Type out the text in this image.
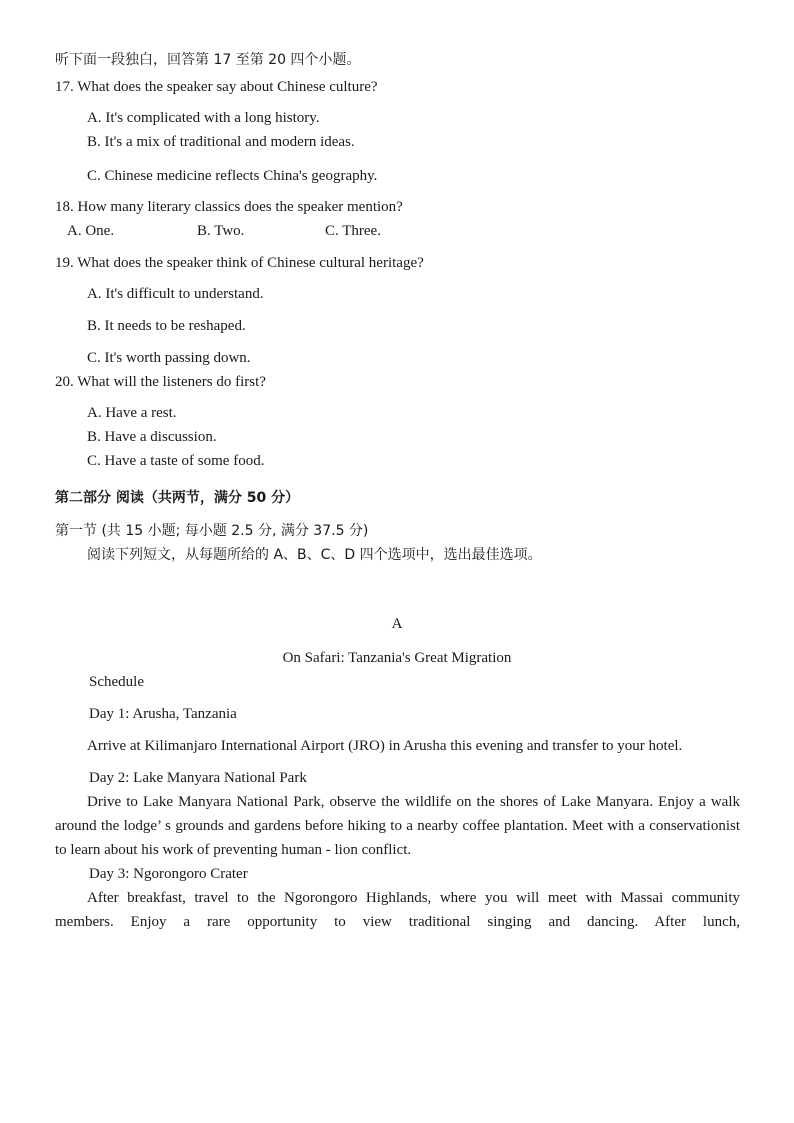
听下面一段独白，回答第 17 至第 20 四个小题。
17. What does the speaker say about Chinese culture?
A. It's complicated with a long history.
B. It's a mix of traditional and modern ideas.
C. Chinese medicine reflects China's geography.
18. How many literary classics does the speaker mention?
A. One.	B. Two.	C. Three.
19. What does the speaker think of Chinese cultural heritage?
A. It's difficult to understand.
B. It needs to be reshaped.
C. It's worth passing down.
20. What will the listeners do first?
A. Have a rest.
B. Have a discussion.
C. Have a taste of some food.
第二部分 阅读（共两节，满分 50 分）
第一节 (共 15 小题; 每小题 2.5 分, 满分 37.5 分)
阅读下列短文，从每题所给的 A、B、C、D 四个选项中，选出最佳选项。
A
On Safari: Tanzania's Great Migration
Schedule
Day 1: Arusha, Tanzania
Arrive at Kilimanjaro International Airport (JRO) in Arusha this evening and transfer to your hotel.
Day 2: Lake Manyara National Park
Drive to Lake Manyara National Park, observe the wildlife on the shores of Lake Manyara. Enjoy a walk around the lodge’ s grounds and gardens before hiking to a nearby coffee plantation. Meet with a conservationist to learn about his work of preventing human - lion conflict.
Day 3: Ngorongoro Crater
After breakfast, travel to the Ngorongoro Highlands, where you will meet with Massai community members. Enjoy a rare opportunity to view traditional singing and dancing. After lunch,
